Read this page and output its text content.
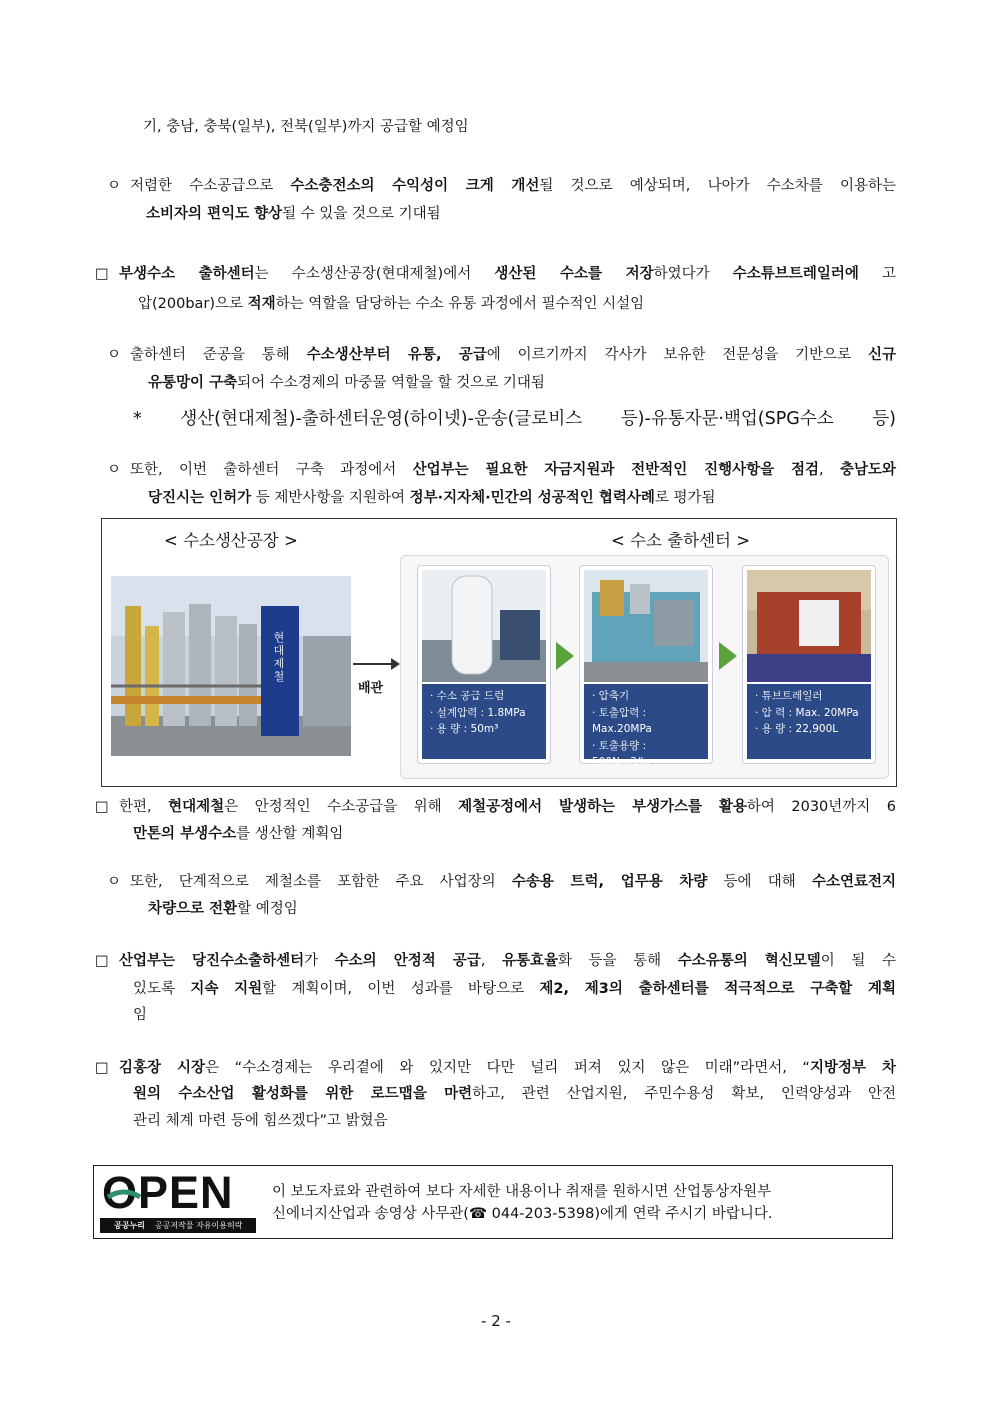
기, 충남, 충북(일부), 전북(일부)까지 공급할 예정임
ㅇ 저렴한 수소공급으로 수소충전소의 수익성이 크게 개선될 것으로 예상되며, 나아가 수소차를 이용하는
소비자의 편익도 향상될 수 있을 것으로 기대됨
□ 부생수소 출하센터는 수소생산공장(현대제철)에서 생산된 수소를 저장하였다가 수소튜브트레일러에 고
압(200bar)으로 적재하는 역할을 담당하는 수소 유통 과정에서 필수적인 시설임
ㅇ 출하센터 준공을 통해 수소생산부터 유통, 공급에 이르기까지 각사가 보유한 전문성을 기반으로 신규
유통망이 구축되어 수소경제의 마중물 역할을 할 것으로 기대됨
* 생산(현대제철)-출하센터운영(하이넷)-운송(글로비스 등)-유통자문·백업(SPG수소 등)
ㅇ 또한, 이번 출하센터 구축 과정에서 산업부는 필요한 자금지원과 전반적인 진행사항을 점검, 충남도와
당진시는 인허가 등 제반사항을 지원하여 정부·지자체·민간의 성공적인 협력사례로 평가됨
< 수소생산공장 >	< 수소 출하센터 >
현대제철
배관	· 수소 공급 드럼
· 설계압력 : 1.8MPa
· 용 량 : 50m³
· 압축기
· 토출압력 : Max.20MPa
· 토출용량 : 500Nm3/hr
· 튜브트레일러
· 압 력 : Max. 20MPa
· 용 량 : 22,900L
□ 한편, 현대제철은 안정적인 수소공급을 위해 제철공정에서 발생하는 부생가스를 활용하여 2030년까지 6
만톤의 부생수소를 생산할 계획임
ㅇ 또한, 단계적으로 제철소를 포함한 주요 사업장의 수송용 트럭, 업무용 차량 등에 대해 수소연료전지
차량으로 전환할 예정임
□ 산업부는 당진수소출하센터가 수소의 안정적 공급, 유통효율화 등을 통해 수소유통의 혁신모델이 될 수
있도록 지속 지원할 계획이며, 이번 성과를 바탕으로 제2, 제3의 출하센터를 적극적으로 구축할 계획
임
□ 김홍장 시장은 “수소경제는 우리곁에 와 있지만 다만 널리 퍼져 있지 않은 미래”라면서, “지방정부 차
원의 수소산업 활성화를 위한 로드맵을 마련하고, 관련 산업지원, 주민수용성 확보, 인력양성과 안전
관리 체계 마련 등에 힘쓰겠다”고 밝혔음
OPEN
공공누리 공공저작물 자유이용허락
이 보도자료와 관련하여 보다 자세한 내용이나 취재를 원하시면 산업통상자원부
신에너지산업과 송영상 사무관(☎ 044-203-5398)에게 연락 주시기 바랍니다.
- 2 -
